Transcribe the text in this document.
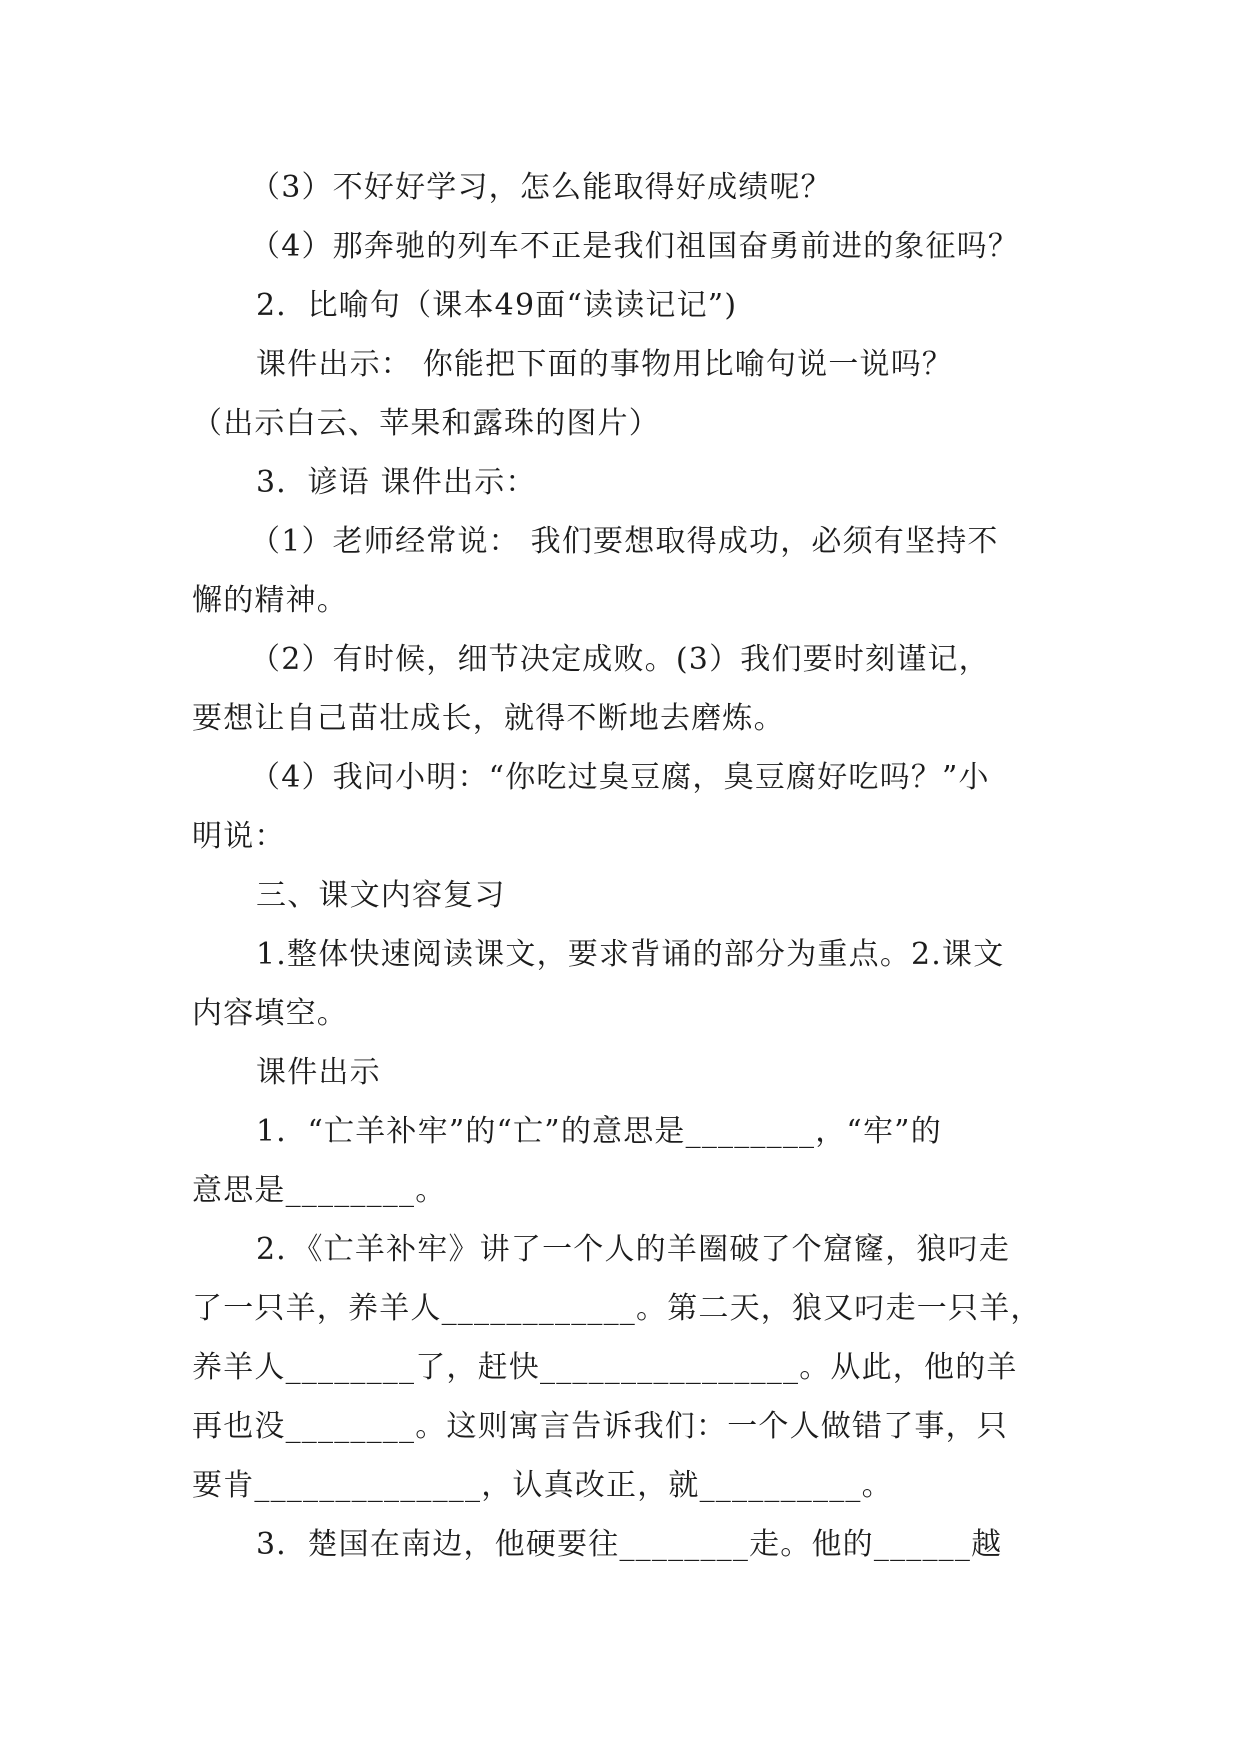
（3）不好好学习，怎么能取得好成绩呢？
（4）那奔驰的列车不正是我们祖国奋勇前进的象征吗？
2．比喻句（课本49面“读读记记”)
课件出示： 你能把下面的事物用比喻句说一说吗？
（出示白云、苹果和露珠的图片）
3．谚语 课件出示：
（1）老师经常说： 我们要想取得成功，必须有坚持不
懈的精神。
（2）有时候，细节决定成败。(3）我们要时刻谨记，
要想让自己苗壮成长，就得不断地去磨炼。
（4）我问小明：“你吃过臭豆腐，臭豆腐好吃吗？”小
明说：
三、课文内容复习
1.整体快速阅读课文，要求背诵的部分为重点。2.课文
内容填空。
课件出示
1．“亡羊补牢”的“亡”的意思是________，“牢”的
意思是________。
2．《亡羊补牢》讲了一个人的羊圈破了个窟窿，狼叼走
了一只羊，养羊人____________。第二天，狼又叼走一只羊，
养羊人________了，赶快________________。从此，他的羊
再也没________。这则寓言告诉我们：一个人做错了事，只
要肯______________，认真改正，就__________。
3．楚国在南边，他硬要往________走。他的______越
